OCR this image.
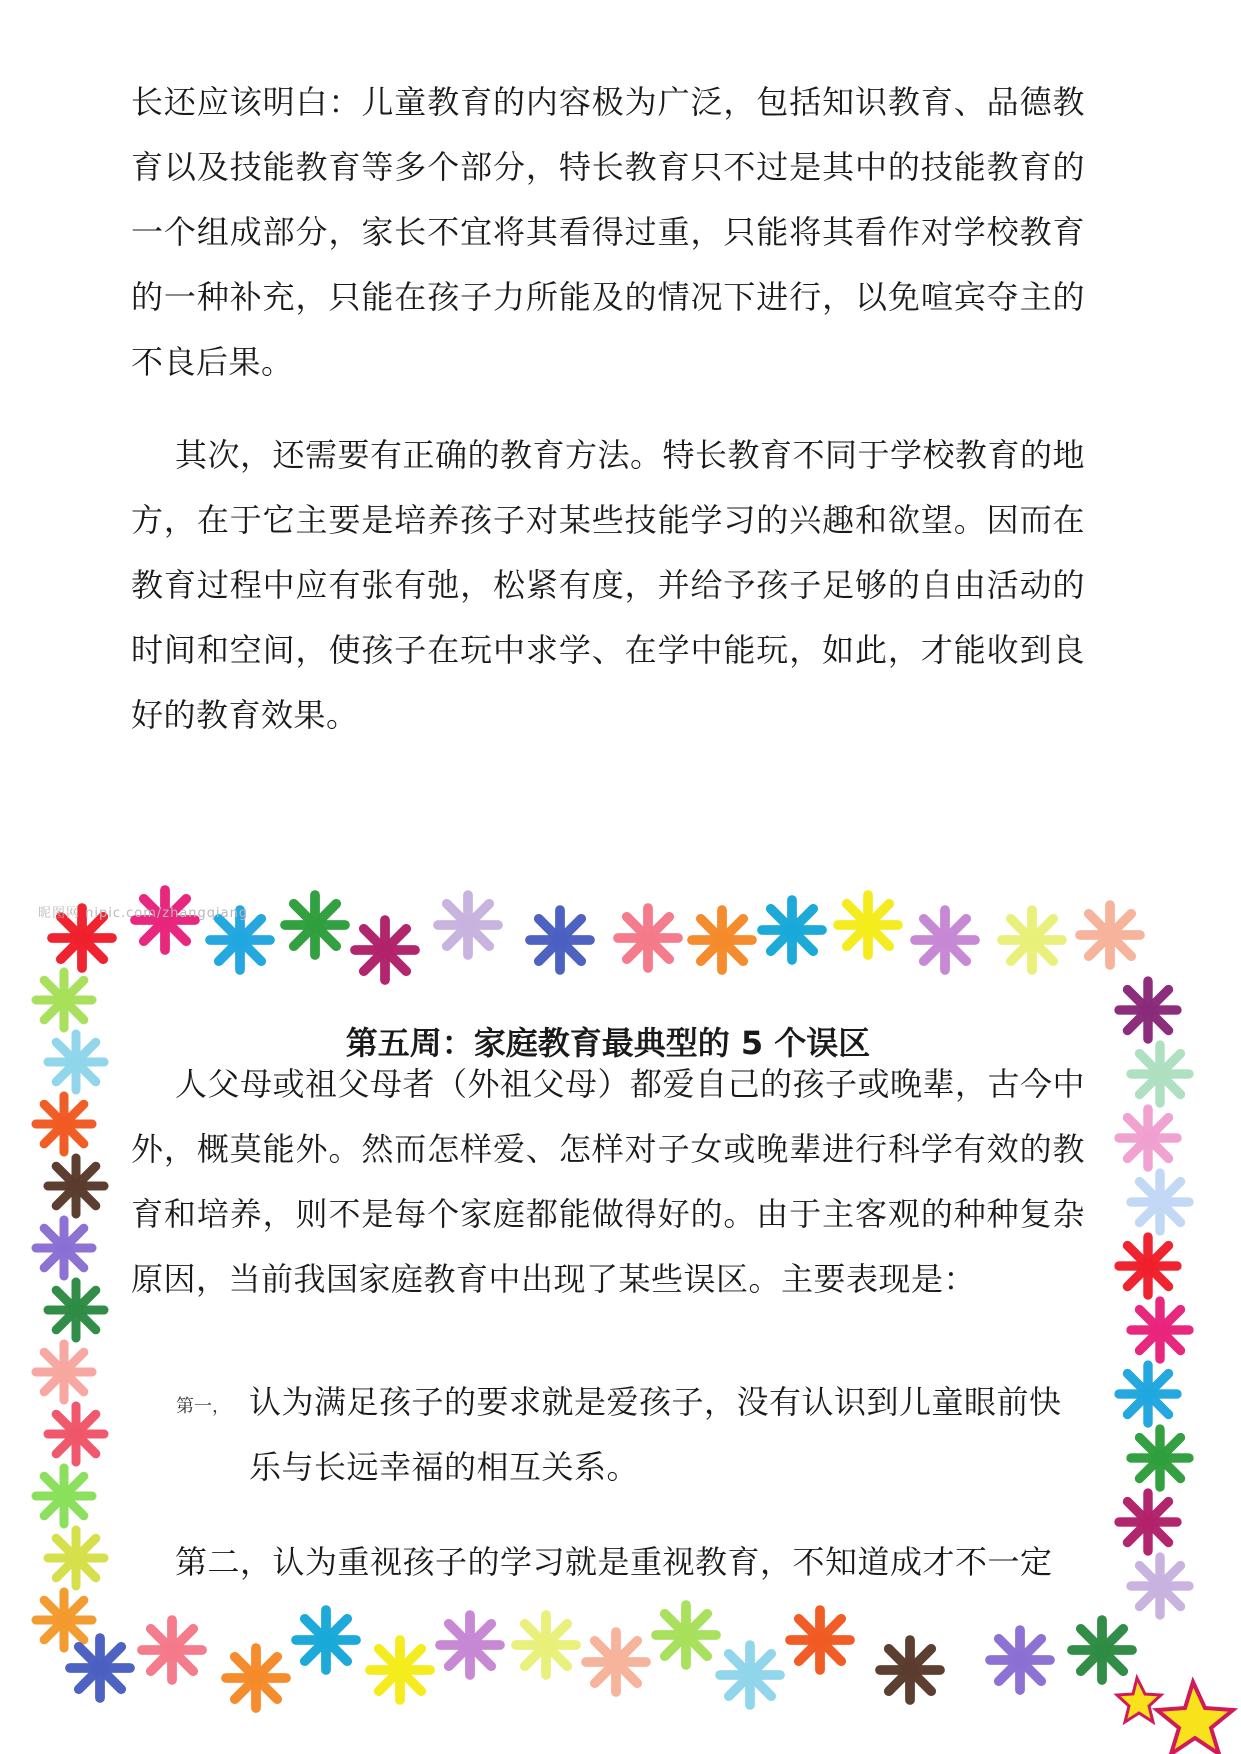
长还应该明白：儿童教育的内容极为广泛，包括知识教育、品德教育以及技能教育等多个部分，特长教育只不过是其中的技能教育的一个组成部分，家长不宜将其看得过重，只能将其看作对学校教育的一种补充，只能在孩子力所能及的情况下进行，以免喧宾夺主的不良后果。

其次，还需要有正确的教育方法。特长教育不同于学校教育的地方，在于它主要是培养孩子对某些技能学习的兴趣和欲望。因而在教育过程中应有张有弛，松紧有度，并给予孩子足够的自由活动的时间和空间，使孩子在玩中求学、在学中能玩，如此，才能收到良好的教育效果。

昵图网 nipic.com/zhangqiang
第五周：家庭教育最典型的 5 个误区

人父母或祖父母者（外祖父母）都爱自己的孩子或晚辈，古今中外，概莫能外。然而怎样爱、怎样对子女或晚辈进行科学有效的教育和培养，则不是每个家庭都能做得好的。由于主客观的种种复杂原因，当前我国家庭教育中出现了某些误区。主要表现是：

第一， 认为满足孩子的要求就是爱孩子，没有认识到儿童眼前快乐与长远幸福的相互关系。

第二，认为重视孩子的学习就是重视教育，不知道成才不一定
